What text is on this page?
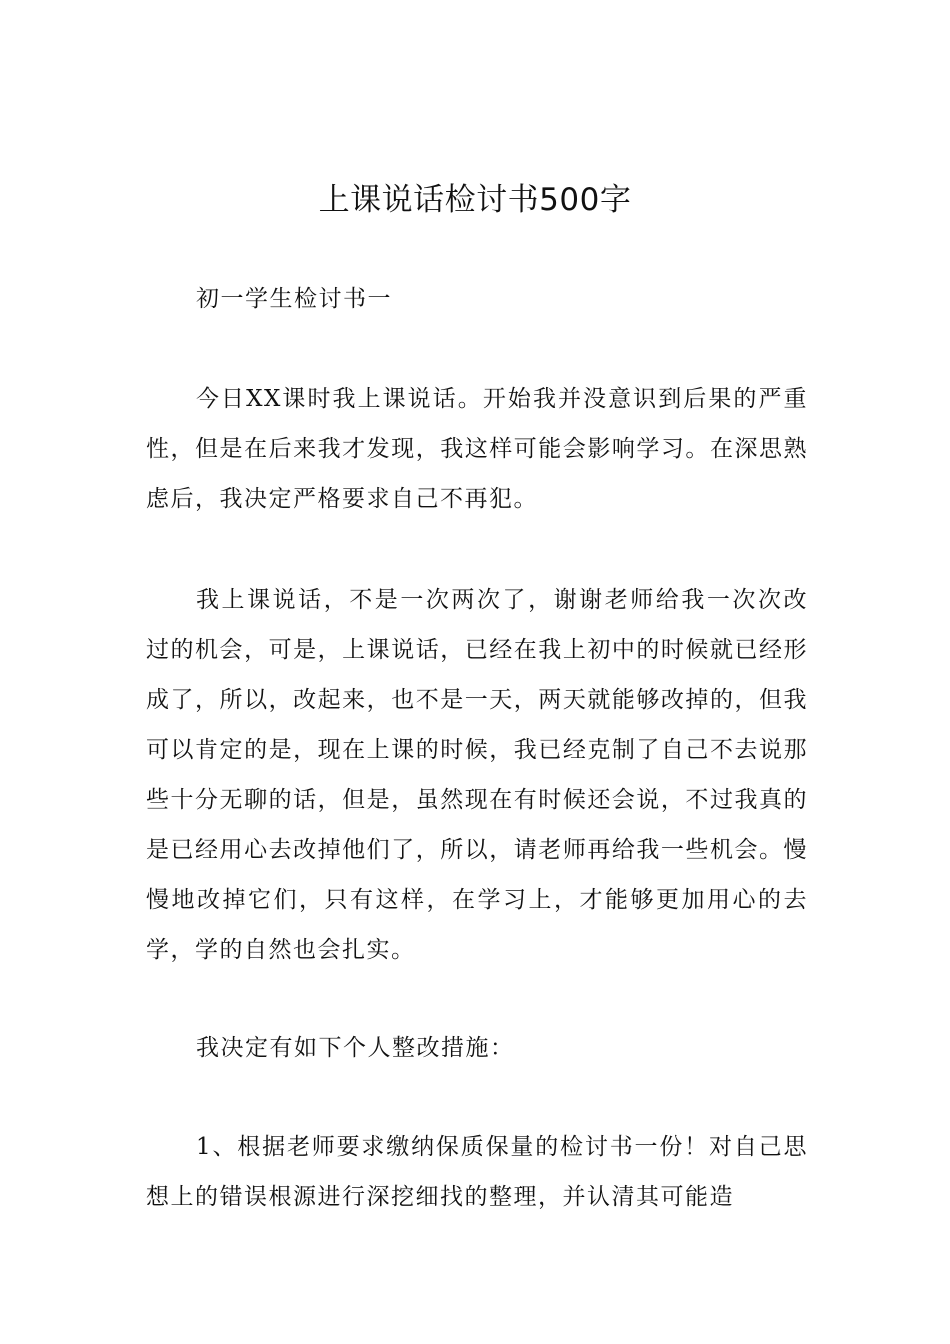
上课说话检讨书500字

初一学生检讨书一

今日XX课时我上课说话。开始我并没意识到后果的严重性，但是在后来我才发现，我这样可能会影响学习。在深思熟虑后，我决定严格要求自己不再犯。

我上课说话，不是一次两次了，谢谢老师给我一次次改过的机会，可是，上课说话，已经在我上初中的时候就已经形成了，所以，改起来，也不是一天，两天就能够改掉的，但我可以肯定的是，现在上课的时候，我已经克制了自己不去说那些十分无聊的话，但是，虽然现在有时候还会说，不过我真的是已经用心去改掉他们了，所以，请老师再给我一些机会。慢慢地改掉它们，只有这样，在学习上，才能够更加用心的去学，学的自然也会扎实。

我决定有如下个人整改措施：

1、根据老师要求缴纳保质保量的检讨书一份！对自己思想上的错误根源进行深挖细找的整理，并认清其可能造
